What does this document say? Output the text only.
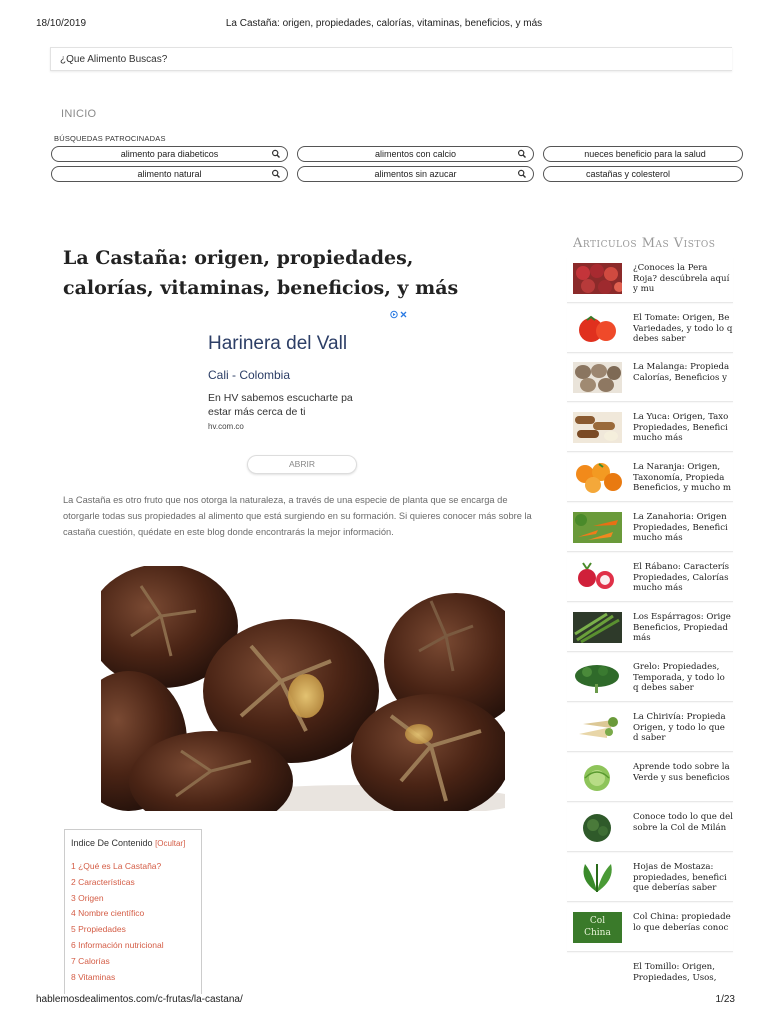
18/10/2019	La Castaña: origen, propiedades, calorías, vitaminas, beneficios, y más
¿Que Alimento Buscas?
INICIO
BÚSQUEDAS PATROCINADAS
alimento para diabeticos	alimentos con calcio	nueces beneficio para la salud
alimento natural	alimentos sin azucar	castañas y colesterol
La Castaña: origen, propiedades, calorías, vitaminas, beneficios, y más
Harinera del Vall
Cali - Colombia
En HV sabemos escucharte pa
estar más cerca de ti
hv.com.co
ABRIR

La Castaña es otro fruto que nos otorga la naturaleza, a través de una especie de planta que se encarga de otorgarle todas sus propiedades al alimento que está surgiendo en su formación. Si quieres conocer más sobre la castaña cuestión, quédate en este blog donde encontrarás la mejor información.

Indice De Contenido [Ocultar]
1 ¿Qué es La Castaña?
2 Características
3 Origen
4 Nombre científico
5 Propiedades
6 Información nutricional
7 Calorías
8 Vitaminas
Articulos Mas Vistos
¿Conoces la Pera Roja? descúbrela aquí y mu
El Tomate: Origen, Be Variedades, y todo lo q debes saber
La Malanga: Propieda Calorías, Beneficios y
La Yuca: Origen, Taxo Propiedades, Benefici mucho más
La Naranja: Origen, Taxonomía, Propieda Beneficios, y mucho m
La Zanahoria: Origen Propiedades, Benefici mucho más
El Rábano: Caracterís Propiedades, Calorías mucho más
Los Espárragos: Orige Beneficios, Propiedad más
Grelo: Propiedades, Temporada, y todo lo q debes saber
La Chirivía: Propieda Origen, y todo lo que d saber
Aprende todo sobre la Verde y sus beneficios
Conoce todo lo que del sobre la Col de Milán
Hojas de Mostaza: propiedades, benefici que deberías saber
Col China
Col China: propiedade lo que deberías conoc
El Tomillo: Origen, Propiedades, Usos,
hablemosdealimentos.com/c-frutas/la-castana/	1/23
